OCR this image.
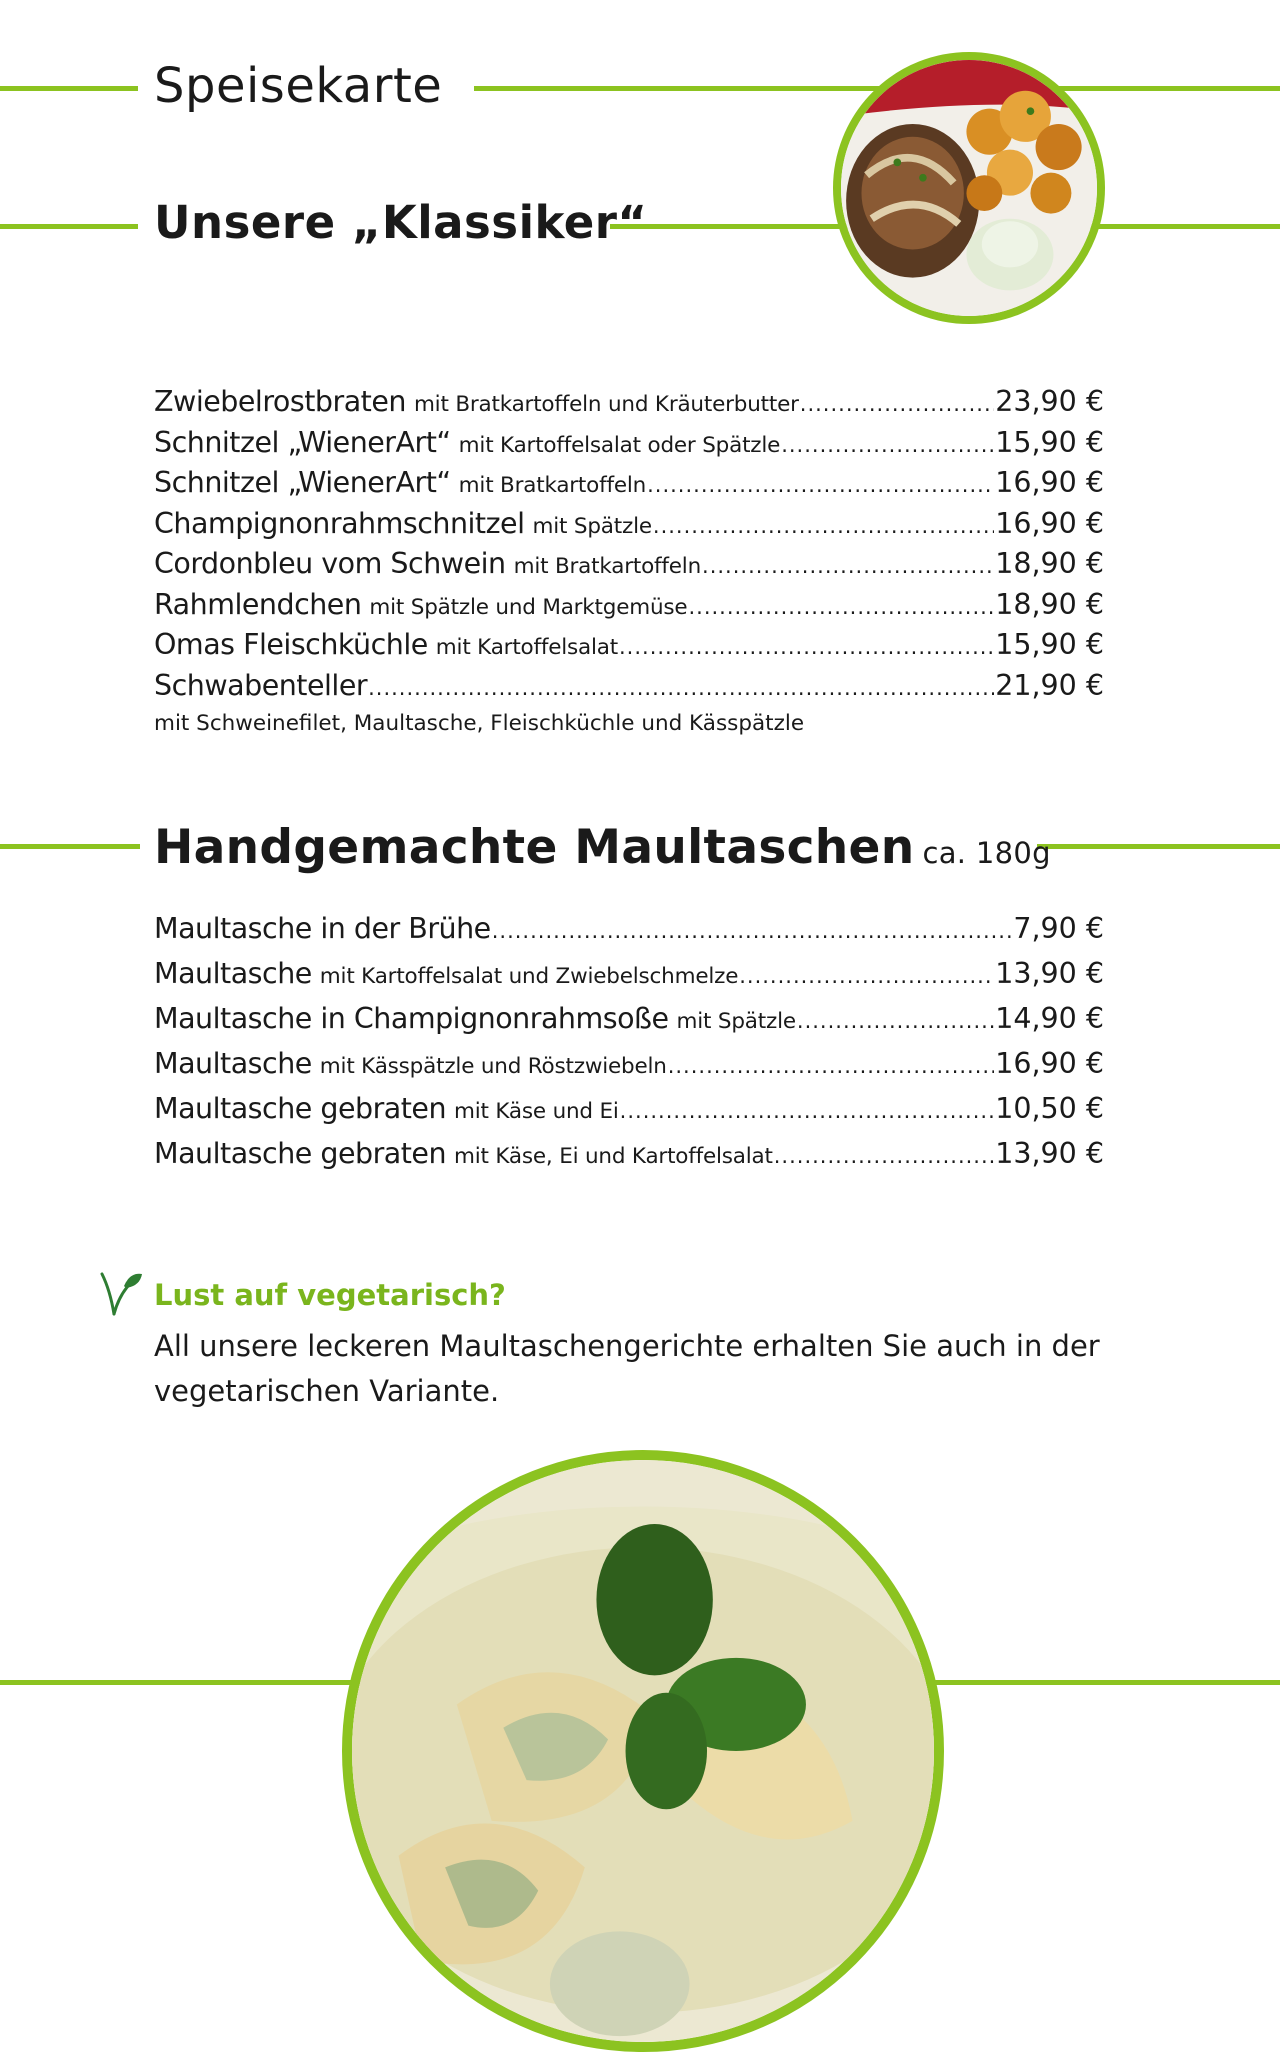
Speisekarte
Unsere „Klassiker“
Zwiebelrostbraten mit Bratkartoffeln und Kräuterbutter .....	23,90 €
Schnitzel „WienerArt“ mit Kartoffelsalat oder Spätzle .....	15,90 €
Schnitzel „WienerArt“ mit Bratkartoffeln .....	16,90 €
Champignonrahmschnitzel mit Spätzle .....	16,90 €
Cordonbleu vom Schwein mit Bratkartoffeln .....	18,90 €
Rahmlendchen mit Spätzle und Marktgemüse .....	18,90 €
Omas Fleischküchle mit Kartoffelsalat .....	15,90 €
Schwabenteller .....	21,90 €
mit Schweinefilet, Maultasche, Fleischküchle und Kässpätzle
Handgemachte Maultaschen ca. 180g
Maultasche in der Brühe .....	7,90 €
Maultasche mit Kartoffelsalat und Zwiebelschmelze .....	13,90 €
Maultasche in Champignonrahmsoße mit Spätzle .....	14,90 €
Maultasche mit Kässpätzle und Röstzwiebeln .....	16,90 €
Maultasche gebraten mit Käse und Ei .....	10,50 €
Maultasche gebraten mit Käse, Ei und Kartoffelsalat .....	13,90 €

Lust auf vegetarisch?

All unsere leckeren Maultaschengerichte erhalten Sie auch in der vegetarischen Variante.
